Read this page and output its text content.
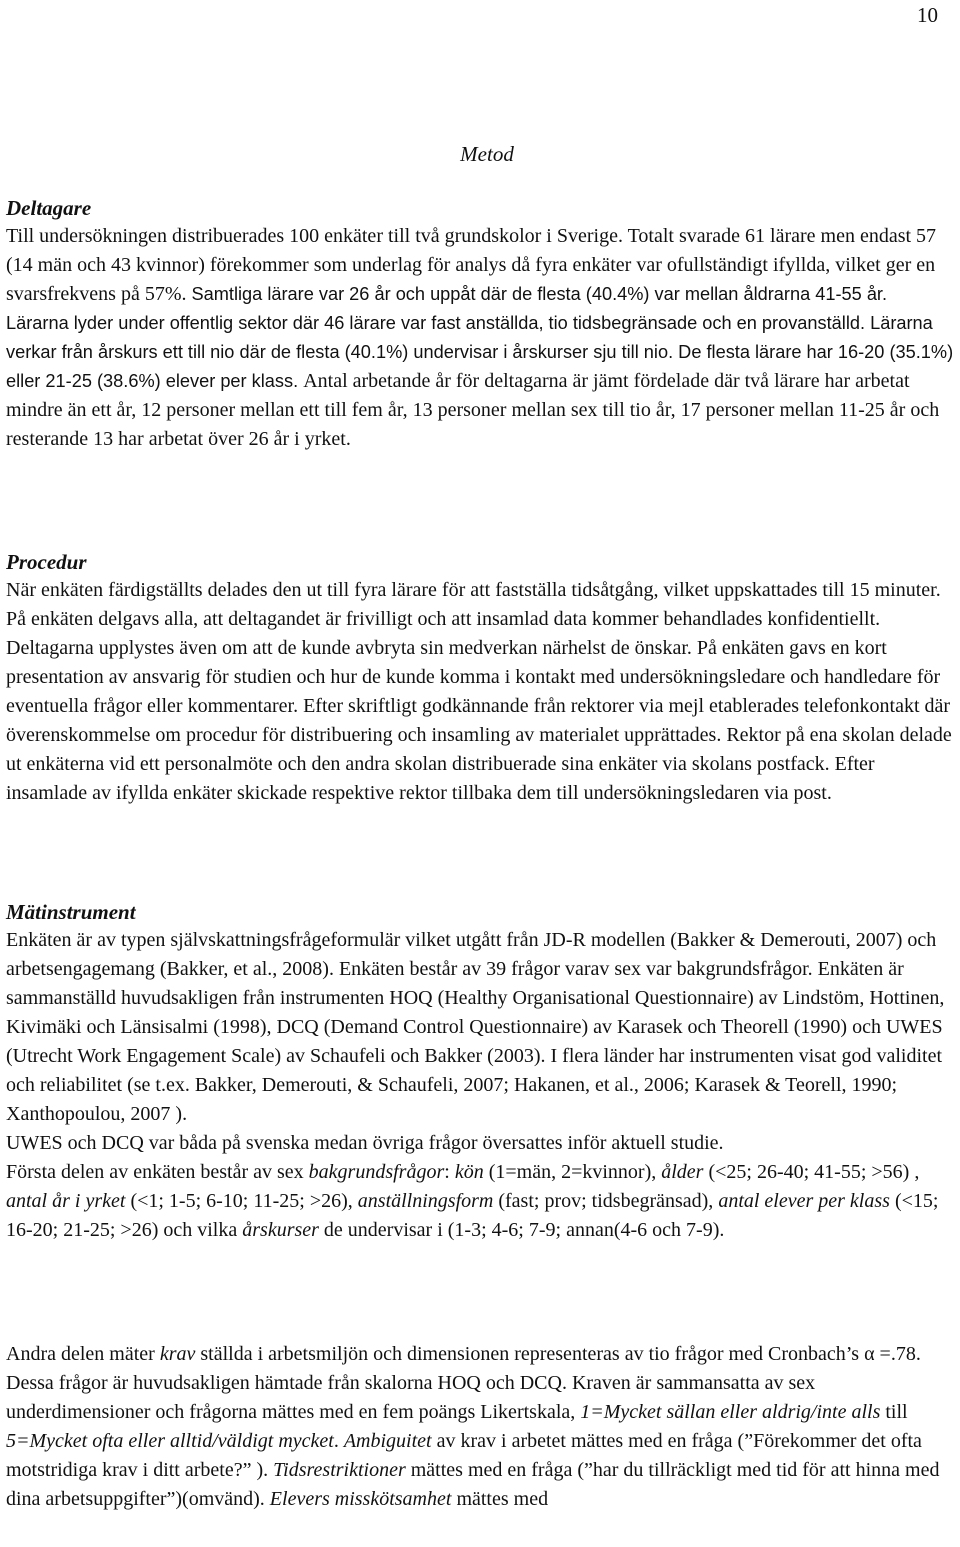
10
Metod
Deltagare

Till undersökningen distribuerades 100 enkäter till två grundskolor i Sverige. Totalt svarade 61 lärare men endast 57 (14 män och 43 kvinnor) förekommer som underlag för analys då fyra enkäter var ofullständigt ifyllda, vilket ger en svarsfrekvens på 57%. Samtliga lärare var 26 år och uppåt där de flesta (40.4%) var mellan åldrarna 41-55 år. Lärarna lyder under offentlig sektor där 46 lärare var fast anställda, tio tidsbegränsade och en provanställd. Lärarna verkar från årskurs ett till nio där de flesta (40.1%) undervisar i årskurser sju till nio. De flesta lärare har 16-20 (35.1%) eller 21-25 (38.6%) elever per klass. Antal arbetande år för deltagarna är jämt fördelade där två lärare har arbetat mindre än ett år, 12 personer mellan ett till fem år, 13 personer mellan sex till tio år, 17 personer mellan 11-25 år och resterande 13 har arbetat över 26 år i yrket.

Procedur

När enkäten färdigställts delades den ut till fyra lärare för att fastställa tidsåtgång, vilket uppskattades till 15 minuter. På enkäten delgavs alla, att deltagandet är frivilligt och att insamlad data kommer behandlades konfidentiellt. Deltagarna upplystes även om att de kunde avbryta sin medverkan närhelst de önskar. På enkäten gavs en kort presentation av ansvarig för studien och hur de kunde komma i kontakt med undersökningsledare och handledare för eventuella frågor eller kommentarer. Efter skriftligt godkännande från rektorer via mejl etablerades telefonkontakt där överenskommelse om procedur för distribuering och insamling av materialet upprättades. Rektor på ena skolan delade ut enkäterna vid ett personalmöte och den andra skolan distribuerade sina enkäter via skolans postfack. Efter insamlade av ifyllda enkäter skickade respektive rektor tillbaka dem till undersökningsledaren via post.

Mätinstrument

Enkäten är av typen självskattningsfrågeformulär vilket utgått från JD-R modellen (Bakker & Demerouti, 2007) och arbetsengagemang (Bakker, et al., 2008). Enkäten består av 39 frågor varav sex var bakgrundsfrågor. Enkäten är sammanställd huvudsakligen från instrumenten HOQ (Healthy Organisational Questionnaire) av Lindstöm, Hottinen, Kivimäki och Länsisalmi (1998), DCQ (Demand Control Questionnaire) av Karasek och Theorell (1990) och UWES (Utrecht Work Engagement Scale) av Schaufeli och Bakker (2003). I flera länder har instrumenten visat god validitet och reliabilitet (se t.ex. Bakker, Demerouti, & Schaufeli, 2007; Hakanen, et al., 2006; Karasek & Teorell, 1990; Xanthopoulou, 2007 ).

UWES och DCQ var båda på svenska medan övriga frågor översattes inför aktuell studie.

Första delen av enkäten består av sex bakgrundsfrågor: kön (1=män, 2=kvinnor), ålder (<25; 26-40; 41-55; >56) , antal år i yrket (<1; 1-5; 6-10; 11-25; >26), anställningsform (fast; prov; tidsbegränsad), antal elever per klass (<15; 16-20; 21-25; >26) och vilka årskurser de undervisar i (1-3; 4-6; 7-9; annan(4-6 och 7-9).

Andra delen mäter krav ställda i arbetsmiljön och dimensionen representeras av tio frågor med Cronbach’s α =.78. Dessa frågor är huvudsakligen hämtade från skalorna HOQ och DCQ. Kraven är sammansatta av sex underdimensioner och frågorna mättes med en fem poängs Likertskala, 1=Mycket sällan eller aldrig/inte alls till 5=Mycket ofta eller alltid/väldigt mycket. Ambiguitet av krav i arbetet mättes med en fråga (”Förekommer det ofta motstridiga krav i ditt arbete?” ). Tidsrestriktioner mättes med en fråga (”har du tillräckligt med tid för att hinna med dina arbetsuppgifter”)(omvänd). Elevers misskötsamhet mättes med
